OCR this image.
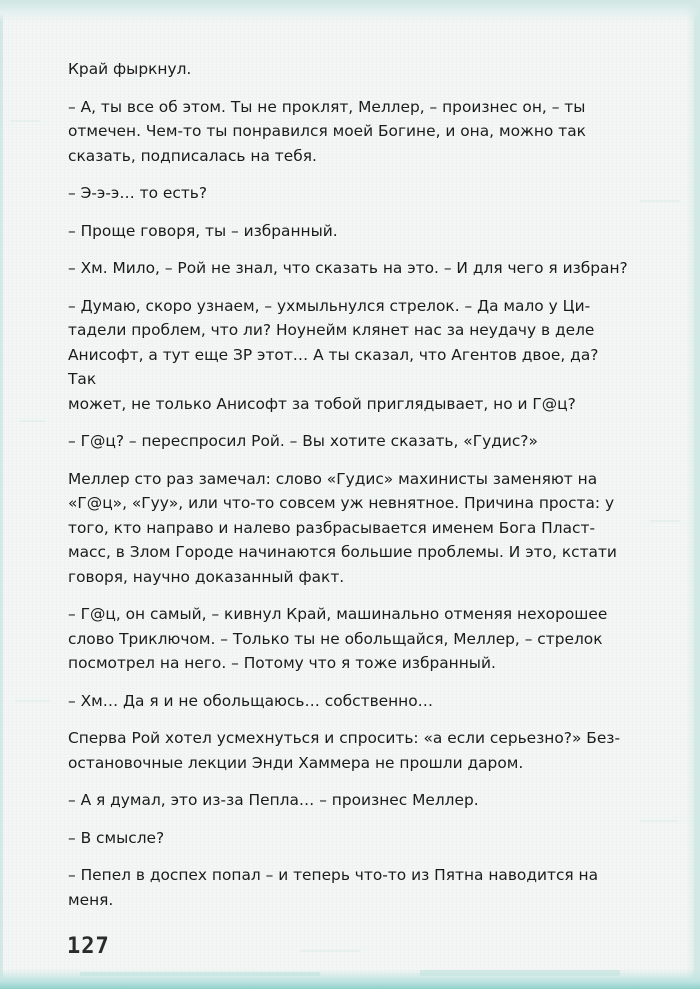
Край фыркнул.

– А, ты все об этом. Ты не проклят, Меллер, – произнес он, – ты
отмечен. Чем-то ты понравился моей Богине, и она, можно так
сказать, подписалась на тебя.

– Э-э-э… то есть?

– Проще говоря, ты – избранный.

– Хм. Мило, – Рой не знал, что сказать на это. – И для чего я избран?

– Думаю, скоро узнаем, – ухмыльнулся стрелок. – Да мало у Ци-
тадели проблем, что ли? Ноунейм клянет нас за неудачу в деле
Анисофт, а тут еще ЗР этот… А ты сказал, что Агентов двое, да? Так
может, не только Анисофт за тобой приглядывает, но и Г@ц?

– Г@ц? – переспросил Рой. – Вы хотите сказать, «Гудис?»

Меллер сто раз замечал: слово «Гудис» махинисты заменяют на
«Г@ц», «Гуу», или что-то совсем уж невнятное. Причина проста: у
того, кто направо и налево разбрасывается именем Бога Пласт-
масс, в Злом Городе начинаются большие проблемы. И это, кстати
говоря, научно доказанный факт.

– Г@ц, он самый, – кивнул Край, машинально отменяя нехорошее
слово Триключом. – Только ты не обольщайся, Меллер, – стрелок
посмотрел на него. – Потому что я тоже избранный.

– Хм… Да я и не обольщаюсь… собственно…

Сперва Рой хотел усмехнуться и спросить: «а если серьезно?» Без-
остановочные лекции Энди Хаммера не прошли даром.

– А я думал, это из-за Пепла… – произнес Меллер.

– В смысле?

– Пепел в доспех попал – и теперь что-то из Пятна наводится на
меня.

127
